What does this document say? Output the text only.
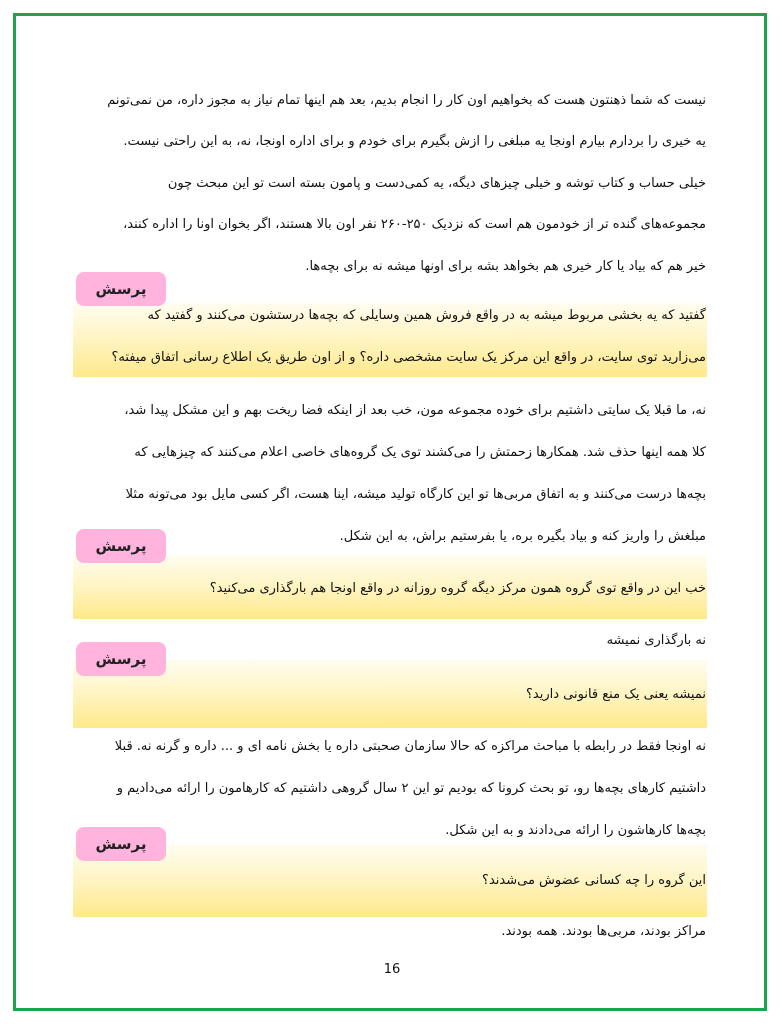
نیست که شما ذهنتون هست که بخواهیم اون کار را انجام بدیم، بعد هم اینها تمام نیاز به مجوز داره، من نمی‌تونم
یه خیری را بردارم بیارم اونجا یه مبلغی را ازش بگیرم برای خودم و برای اداره اونجا، نه، به این راحتی نیست.
خیلی حساب و کتاب توشه و خیلی چیزهای دیگه، یه کمی‌دست و پامون بسته است تو این مبحث چون
مجموعه‌های گنده تر از خودمون هم است که نزدیک ۲۵۰-۲۶۰ نفر اون بالا هستند، اگر بخوان اونا را اداره کنند،
خیر هم که بیاد یا کار خیری هم بخواهد بشه برای اونها میشه نه برای بچه‌ها.
پرسش
گفتید که یه بخشی مربوط میشه به در واقع فروش همین وسایلی که بچه‌ها درستشون می‌کنند و گفتید که
می‌زارید توی سایت، در واقع این مرکز یک سایت مشخصی داره؟ و از اون طریق یک اطلاع رسانی اتفاق میفته؟
نه، ما قبلا یک سایتی داشتیم برای خوده مجموعه مون، خب بعد از اینکه فضا ریخت بهم و این مشکل پیدا شد،
کلا همه اینها حذف شد. همکارها زحمتش را می‌کشند توی یک گروه‌های خاصی اعلام می‌کنند که چیزهایی که
بچه‌ها درست می‌کنند و به اتفاق مربی‌ها تو این کارگاه تولید میشه، اینا هست، اگر کسی مایل بود می‌تونه مثلا
مبلغش را واریز کنه و بیاد بگیره بره، یا بفرستیم براش، به این شکل.
پرسش
خب این در واقع توی گروه همون مرکز دیگه گروه روزانه در واقع اونجا هم بارگذاری می‌کنید؟
نه بارگذاری نمیشه
پرسش
نمیشه یعنی یک منع قانونی دارید؟
نه اونجا فقط در رابطه با مباحث مراکزه که حالا سازمان صحبتی داره یا بخش نامه ای و ... داره و گرنه نه. قبلا
داشتیم کارهای بچه‌ها رو، تو بحث کرونا که بودیم تو این ۲ سال گروهی داشتیم که کارهامون را ارائه می‌دادیم و
بچه‌ها کارهاشون را ارائه می‌دادند و به این شکل.
پرسش
این گروه را چه کسانی عضوش می‌شدند؟
مراکز بودند، مربی‌ها بودند. همه بودند.
16
